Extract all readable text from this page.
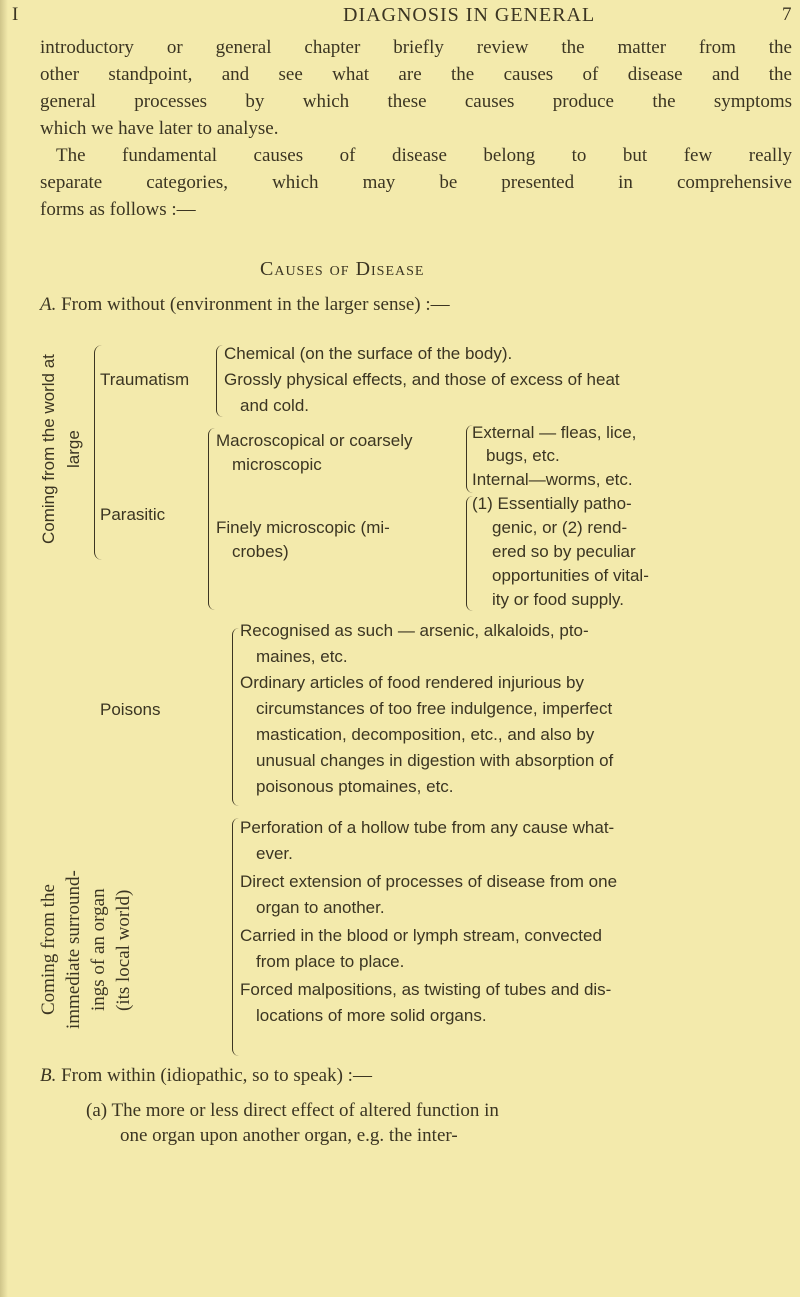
I	DIAGNOSIS IN GENERAL	7
introductory or general chapter briefly review the matter from the
other standpoint, and see what are the causes of disease and the
general processes by which these causes produce the symptoms
which we have later to analyse.
The fundamental causes of disease belong to but few really
separate categories, which may be presented in comprehensive
forms as follows :—
Causes of Disease
A. From without (environment in the larger sense) :—
Coming from the world at large
Traumatism
Chemical (on the surface of the body).
Grossly physical effects, and those of excess of heat
and cold.
Parasitic
Macroscopical or coarsely
microscopic
External — fleas, lice,
bugs, etc.
Internal—worms, etc.
Finely microscopic (mi-
crobes)
(1) Essentially patho-
genic, or (2) rend-
ered so by peculiar
opportunities of vital-
ity or food supply.
Poisons
Recognised as such — arsenic, alkaloids, pto-
maines, etc.
Ordinary articles of food rendered injurious by
circumstances of too free indulgence, imperfect
mastication, decomposition, etc., and also by
unusual changes in digestion with absorption of
poisonous ptomaines, etc.
Coming from the immediate surround- ings of an organ (its local world)
Perforation of a hollow tube from any cause what-
ever.
Direct extension of processes of disease from one
organ to another.
Carried in the blood or lymph stream, convected
from place to place.
Forced malpositions, as twisting of tubes and dis-
locations of more solid organs.
B. From within (idiopathic, so to speak) :—
(a) The more or less direct effect of altered function in
one organ upon another organ, e.g. the inter-
